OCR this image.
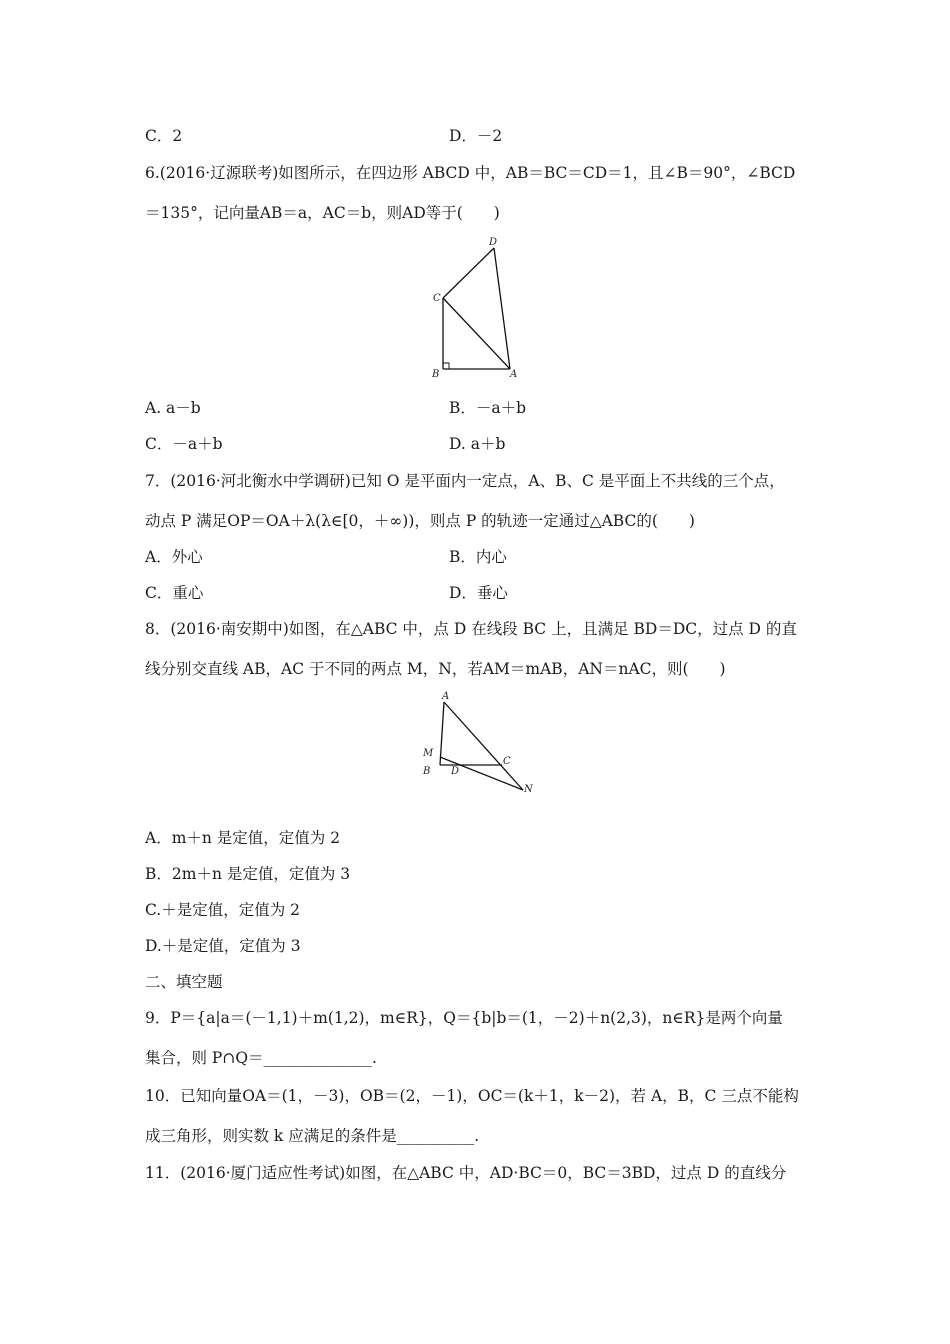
C．2	D．－2
6.(2016·辽源联考)如图所示，在四边形 ABCD 中，AB＝BC＝CD＝1，且∠B＝90°，∠BCD
＝135°，记向量AB＝a，AC＝b，则AD等于(　　)
D
C
B	A
A. a－b	B．－a＋b
C．－a＋b	D. a＋b
7．(2016·河北衡水中学调研)已知 O 是平面内一定点，A、B、C 是平面上不共线的三个点，
动点 P 满足OP＝OA＋λ(λ∈[0，＋∞))，则点 P 的轨迹一定通过△ABC的(　　)
A．外心	B．内心
C．重心	D．垂心
8．(2016·南安期中)如图，在△ABC 中，点 D 在线段 BC 上，且满足 BD＝DC，过点 D 的直
线分别交直线 AB，AC 于不同的两点 M，N，若AM＝mAB，AN＝nAC，则(　　)
A
M
B D
C
N
A．m＋n 是定值，定值为 2
B．2m＋n 是定值，定值为 3
C.＋是定值，定值为 2
D.＋是定值，定值为 3
二、填空题
9．P＝{a|a＝(－1,1)＋m(1,2)，m∈R}，Q＝{b|b＝(1，－2)＋n(2,3)，n∈R}是两个向量
集合，则 P∩Q＝______________.
10．已知向量OA＝(1，－3)，OB＝(2，－1)，OC＝(k＋1，k－2)，若 A，B，C 三点不能构
成三角形，则实数 k 应满足的条件是__________.
11．(2016·厦门适应性考试)如图，在△ABC 中，AD·BC＝0，BC＝3BD，过点 D 的直线分
